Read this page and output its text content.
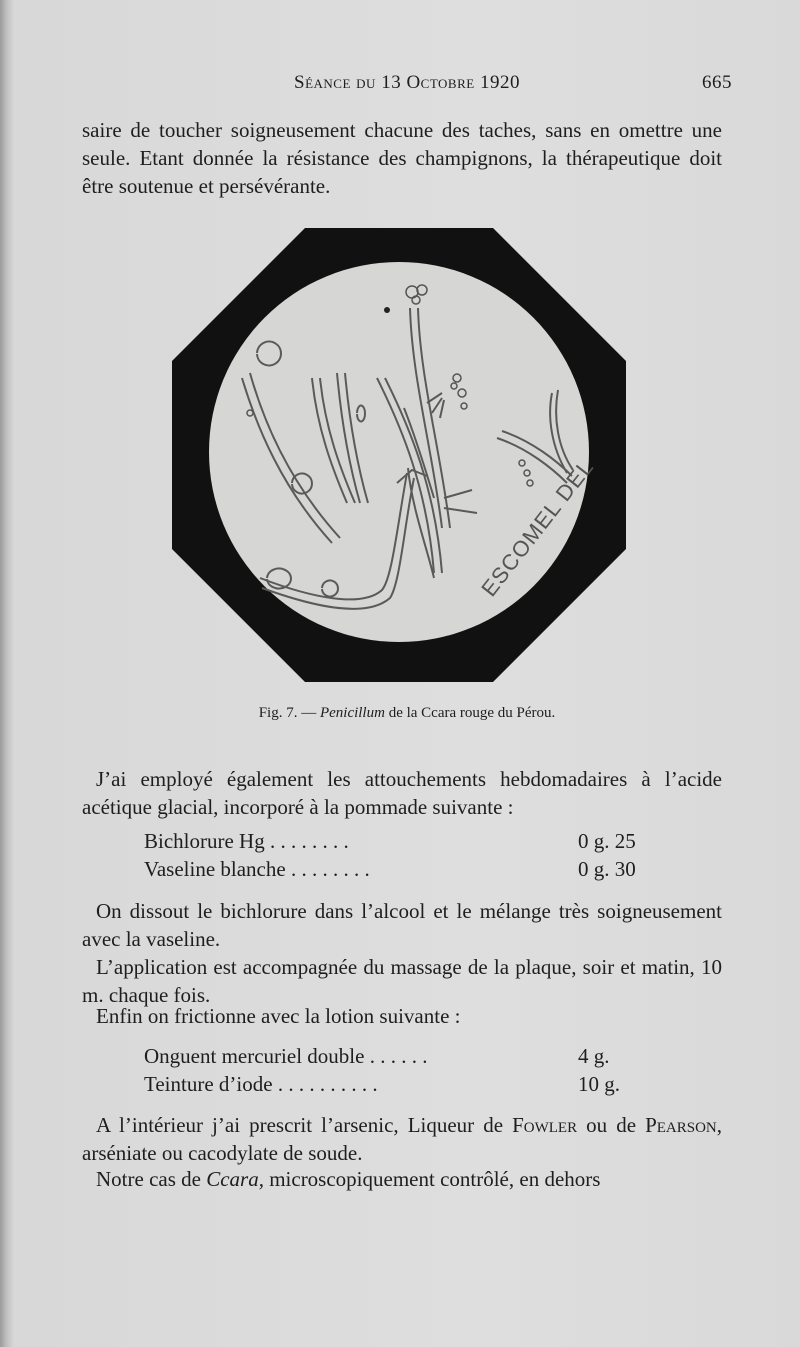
Séance du 13 Octobre 1920	665

saire de toucher soigneusement chacune des taches, sans en omettre une seule. Etant donnée la résistance des champignons, la thérapeutique doit être soutenue et persévérante.

ESCOMEL DEL
Fig. 7. — Penicillum de la Ccara rouge du Pérou.

J’ai employé également les attouchements hebdomadaires à l’acide acétique glacial, incorporé à la pommade suivante :

Bichlorure Hg . . . . . . . .	0 g. 25
Vaseline blanche . . . . . . . .	0 g. 30

On dissout le bichlorure dans l’alcool et le mélange très soigneusement avec la vaseline.

L’application est accompagnée du massage de la plaque, soir et matin, 10 m. chaque fois.

Enfin on frictionne avec la lotion suivante :

Onguent mercuriel double . . . . . .	4 g.
Teinture d’iode . . . . . . . . . .	10 g.

A l’intérieur j’ai prescrit l’arsenic, Liqueur de Fowler ou de Pearson, arséniate ou cacodylate de soude.

Notre cas de Ccara, microscopiquement contrôlé, en dehors
